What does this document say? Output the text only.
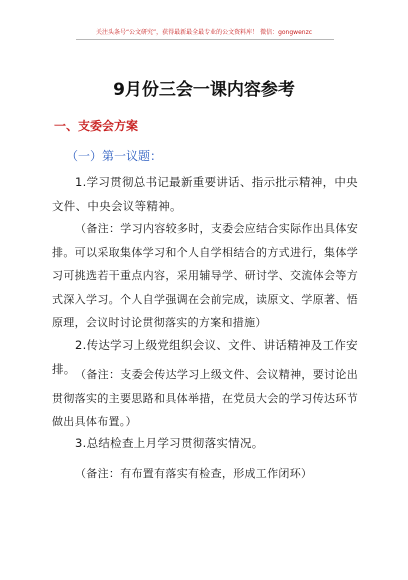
关注头条号“公文研究”，获得最新最全最专业的公文资料库！ 微信：gongwenzc
9月份三会一课内容参考
一、支委会方案
（一）第一议题：

1.学习贯彻总书记最新重要讲话、指示批示精神，中央文件、中央会议等精神。

（备注：学习内容较多时，支委会应结合实际作出具体安排。可以采取集体学习和个人自学相结合的方式进行，集体学习可挑选若干重点内容，采用辅导学、研讨学、交流体会等方式深入学习。个人自学强调在会前完成，读原文、学原著、悟原理，会议时讨论贯彻落实的方案和措施）

2.传达学习上级党组织会议、文件、讲话精神及工作安排。 （备注：支委会传达学习上级文件、会议精神，要讨论出贯彻落实的主要思路和具体举措，在党员大会的学习传达环节做出具体布置。）

3.总结检查上月学习贯彻落实情况。

（备注：有布置有落实有检查，形成工作闭环）
